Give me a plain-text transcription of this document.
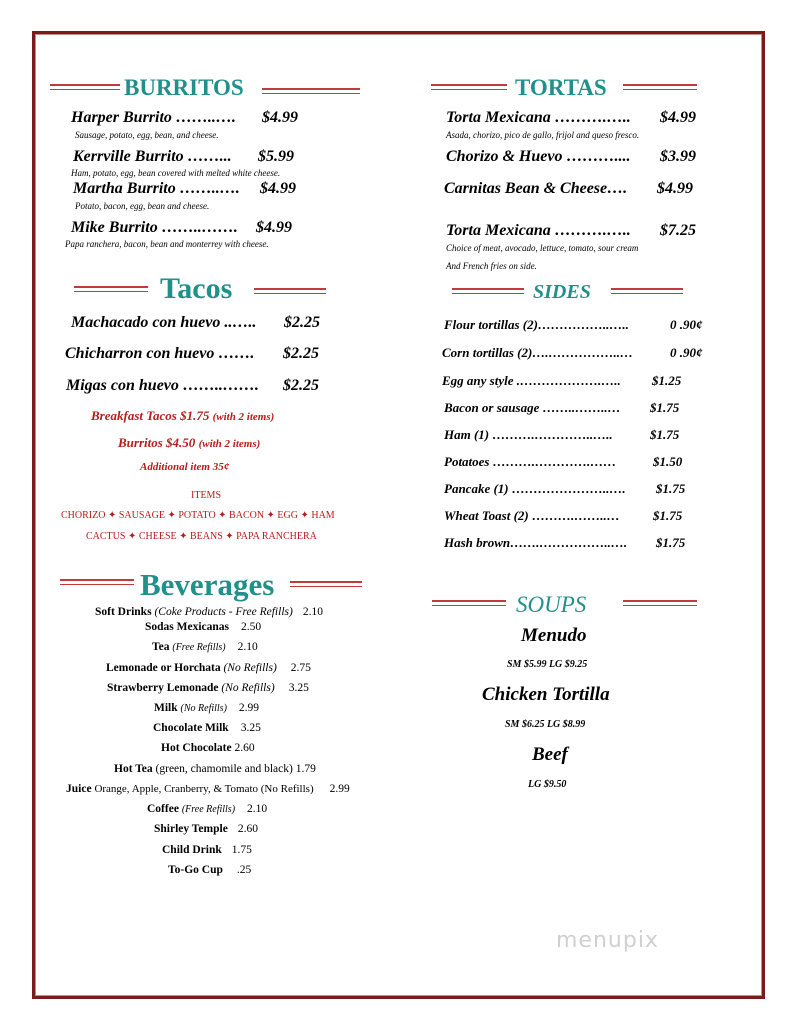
BURRITOS
Harper Burrito ……..…. $4.99
Sausage, potato, egg, bean, and cheese.
Kerrville Burrito ……... $5.99
Ham, potato, egg, bean covered with melted white cheese.
Martha Burrito ……..…. $4.99
Potato, bacon, egg, bean and cheese.
Mike Burrito ……..……. $4.99
Papa ranchera, bacon, bean and monterrey with cheese.
TORTAS
Torta Mexicana ……….….. $4.99
Asada, chorizo, pico de gallo, frijol and queso fresco.
Chorizo & Huevo ……….... $3.99
Carnitas Bean & Cheese…. $4.99
Torta Mexicana ……….….. $7.25
Choice of meat, avocado, lettuce, tomato, sour cream
And French fries on side.
Tacos
Machacado con huevo ..….. $2.25
Chicharron con huevo ……. $2.25
Migas con huevo ……..……. $2.25
Breakfast Tacos $1.75 (with 2 items)
Burritos $4.50 (with 2 items)
Additional item 35¢
ITEMS
CHORIZO ✦ SAUSAGE ✦ POTATO ✦ BACON ✦ EGG ✦ HAM
CACTUS ✦ CHEESE ✦ BEANS ✦ PAPA RANCHERA
SIDES
Flour tortillas (2)……………..…..	0 .90¢
Corn tortillas (2)….……………..…	0 .90¢
Egg any style .……………….….. $1.25
Bacon or sausage ……..……..… $1.75
Ham (1) ……….…………..…..	$1.75
Potatoes ……….………….……	$1.50
Pancake (1) …………………..…. $1.75
Wheat Toast (2) ……….……..…	$1.75
Hash brown…….……………..…. $1.75
Beverages
Soft Drinks (Coke Products - Free Refills) 2.10
Sodas Mexicanas 2.50
Tea (Free Refills) 2.10
Lemonade or Horchata (No Refills) 2.75
Strawberry Lemonade (No Refills) 3.25
Milk (No Refills) 2.99
Chocolate Milk 3.25
Hot Chocolate 2.60
Hot Tea (green, chamomile and black) 1.79
Juice Orange, Apple, Cranberry, & Tomato (No Refills) 2.99
Coffee (Free Refills) 2.10
Shirley Temple 2.60
Child Drink 1.75
To-Go Cup .25
SOUPS
Menudo
SM $5.99 LG $9.25
Chicken Tortilla
SM $6.25 LG $8.99
Beef
LG $9.50
menupix
